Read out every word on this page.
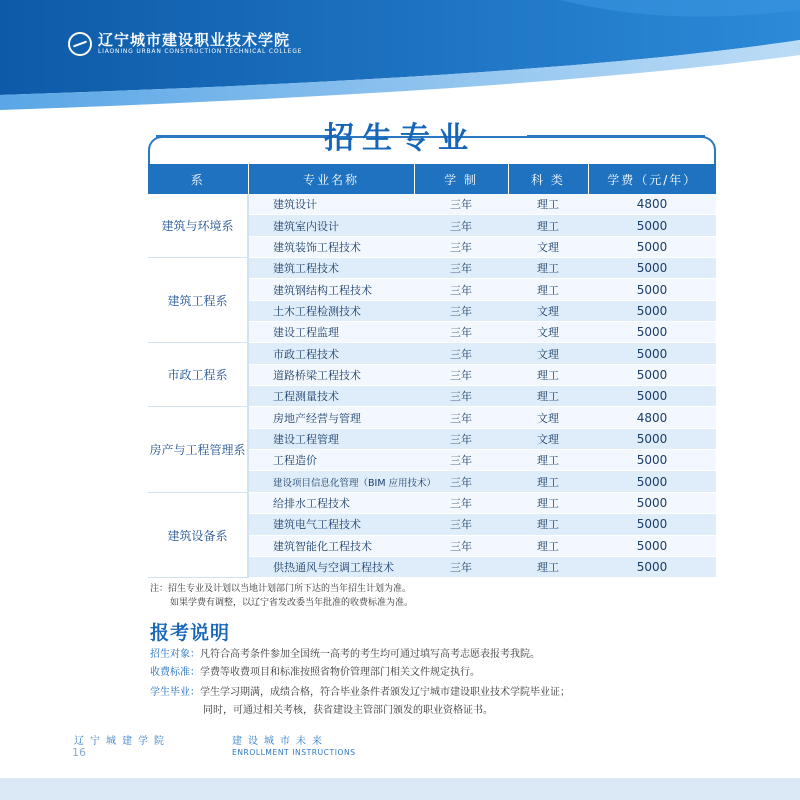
辽宁城市建设职业技术学院
LIAONING URBAN CONSTRUCTION TECHNICAL COLLEGE
招生专业
系	专业名称	学 制	科 类	学费（元/年）
建筑与环境系	建筑设计	三年	理工	4800
	建筑室内设计	三年	理工	5000
	建筑装饰工程技术	三年	文理	5000
建筑工程系	建筑工程技术	三年	理工	5000
	建筑钢结构工程技术	三年	理工	5000
	土木工程检测技术	三年	文理	5000
	建设工程监理	三年	文理	5000
市政工程系	市政工程技术	三年	文理	5000
	道路桥梁工程技术	三年	理工	5000
	工程测量技术	三年	理工	5000
房产与工程管理系	房地产经营与管理	三年	文理	4800
	建设工程管理	三年	文理	5000
	工程造价	三年	理工	5000
	建设项目信息化管理（BIM 应用技术）	三年	理工	5000
建筑设备系	给排水工程技术	三年	理工	5000
	建筑电气工程技术	三年	理工	5000
	建筑智能化工程技术	三年	理工	5000
	供热通风与空调工程技术	三年	理工	5000
注：招生专业及计划以当地计划部门所下达的当年招生计划为准。
如果学费有调整，以辽宁省发改委当年批准的收费标准为准。
报考说明
招生对象：凡符合高考条件参加全国统一高考的考生均可通过填写高考志愿表报考我院。
收费标准：学费等收费项目和标准按照省物价管理部门相关文件规定执行。
学生毕业：学生学习期满，成绩合格，符合毕业条件者颁发辽宁城市建设职业技术学院毕业证；
同时，可通过相关考核，获省建设主管部门颁发的职业资格证书。
辽宁城建学院	建设城市未来
ENROLLMENT INSTRUCTIONS
16
